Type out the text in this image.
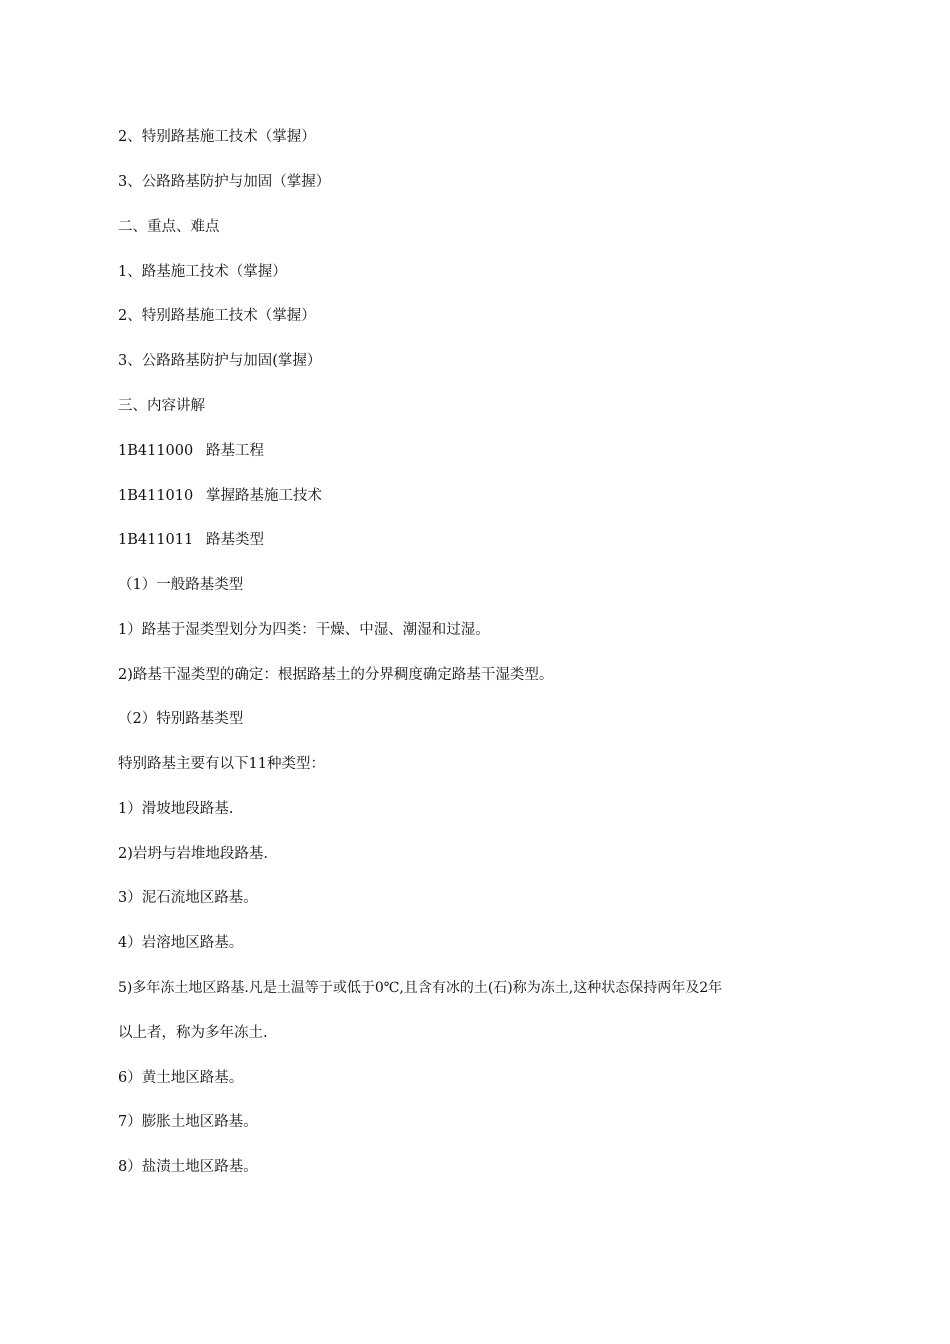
2、特别路基施工技术（掌握）
3、公路路基防护与加固（掌握）
二、重点、难点
1、路基施工技术（掌握）
2、特别路基施工技术（掌握）
3、公路路基防护与加固(掌握）
三、内容讲解
1B411000 路基工程
1B411010 掌握路基施工技术
1B411011 路基类型
（1）一般路基类型
1）路基于湿类型划分为四类：干燥、中湿、潮湿和过湿。
2)路基干湿类型的确定：根据路基土的分界稠度确定路基干湿类型。
（2）特别路基类型
特别路基主要有以下11种类型：
1）滑坡地段路基.
2)岩坍与岩堆地段路基.
3）泥石流地区路基。
4）岩溶地区路基。
5)多年冻土地区路基.凡是土温等于或低于0℃,且含有冰的土(石)称为冻土,这种状态保持两年及2年
以上者，称为多年冻土.
6）黄土地区路基。
7）膨胀土地区路基。
8）盐渍土地区路基。
